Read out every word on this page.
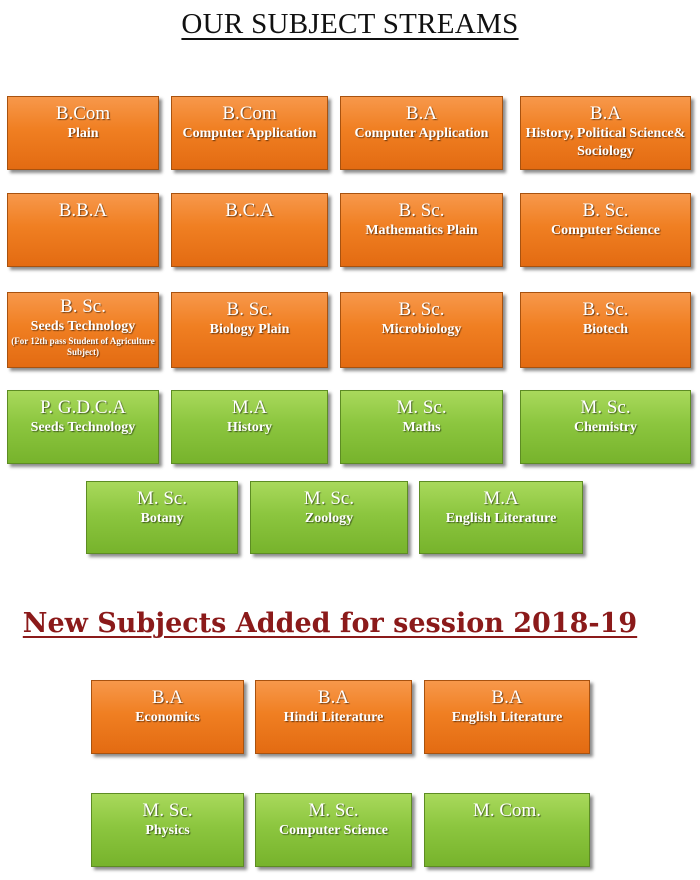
OUR SUBJECT STREAMS
B.Com
Plain
B.Com
Computer Application
B.A
Computer Application
B.A
History, Political Science& Sociology
B.B.A	B.C.A	B. Sc.
Mathematics Plain
B. Sc.
Computer Science
B. Sc.
Seeds Technology
(For 12th pass Student of Agriculture Subject)
B. Sc.
Biology Plain
B. Sc.
Microbiology
B. Sc.
Biotech
P. G.D.C.A
Seeds Technology
M.A
History
M. Sc.
Maths
M. Sc.
Chemistry
M. Sc.
Botany
M. Sc.
Zoology
M.A
English Literature
B.A
Economics
B.A
Hindi Literature
B.A
English Literature
M. Sc.
Physics
M. Sc.
Computer Science
M. Com.
New Subjects Added for session 2018-19
